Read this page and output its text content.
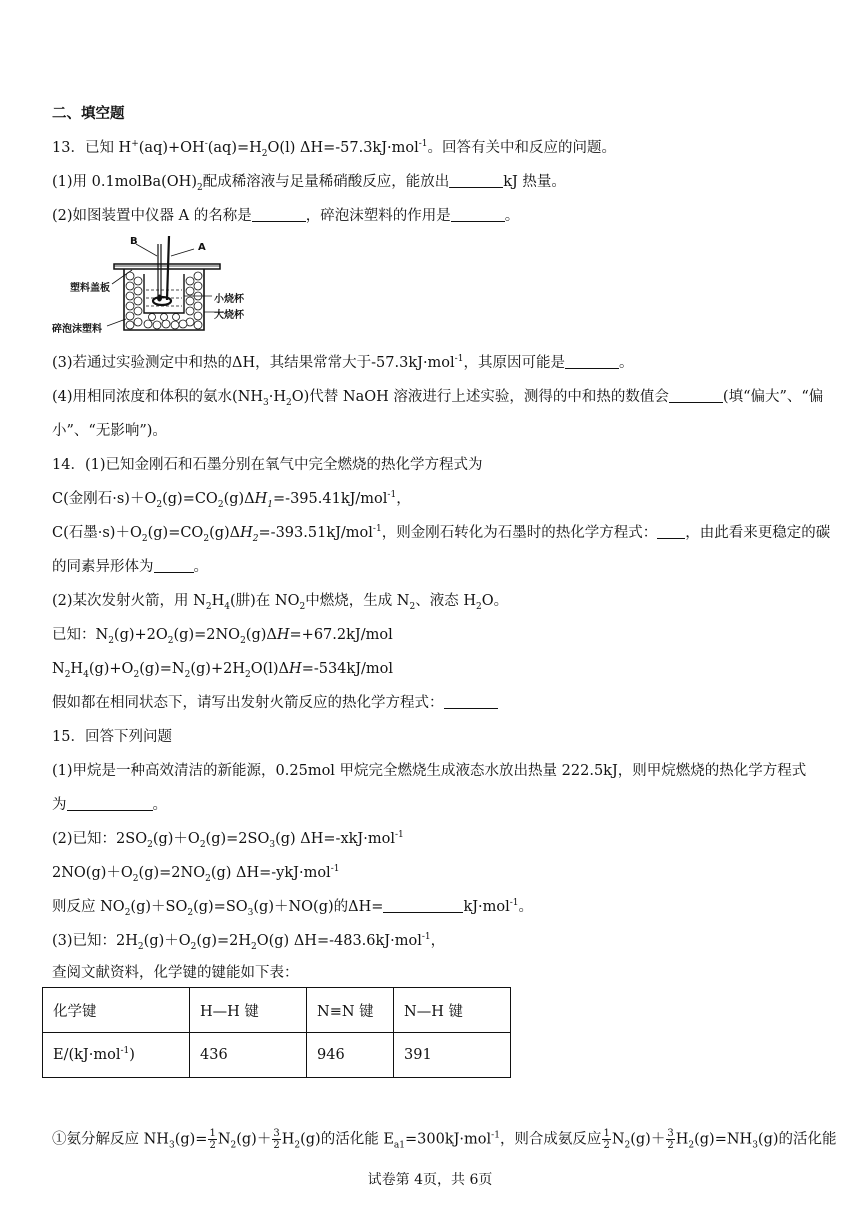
二、填空题
13．已知 $H^+(aq)+OH^-(aq)=H_2O(l)$ ΔH=-57.3kJ·mol$^{-1}$。回答有关中和反应的问题。
(1)用 $0.1molBa(OH)_2$配成稀溶液与足量稀硝酸反应，能放出	kJ 热量。
(2)如图装置中仪器 A 的名称是	，碎泡沫塑料的作用是	。
B
A
塑料盖板
小烧杯
大烧杯
碎泡沫塑料
(3)若通过实验测定中和热的ΔH，其结果常常大于-57.3kJ·mol$^{-1}$，其原因可能是	。
(4)用相同浓度和体积的氨水$(NH_3\cdot H_2O)$代替 NaOH 溶液进行上述实验，测得的中和热的数值会	(填“偏大”、“偏
小”、“无影响”)。
14．(1)已知金刚石和石墨分别在氧气中完全燃烧的热化学方程式为
C(金刚石$\cdot s)+O_2(g)=CO_2(g)\Delta H_1=-395.41kJ/mol^{-1}$，
C(石墨$\cdot s)+O_2(g)=CO_2(g)\Delta H_2=-393.51kJ/mol^{-1}$，则金刚石转化为石墨时的热化学方程式： ，由此看来更稳定的碳
的同素异形体为	。
(2)某次发射火箭，用 $N_2H_4$(肼)在 $NO_2$中燃烧，生成 $N_2$、液态 $H_2O$。
已知：$N_2(g)+2O_2(g)=2NO_2(g)\Delta H=+67.2kJ$/mol
$N_2H_4(g)+O_2(g)=N_2(g)+2H_2O(l)\Delta H=-534kJ$/mol
假如都在相同状态下，请写出发射火箭反应的热化学方程式：
15．回答下列问题
(1)甲烷是一种高效清洁的新能源，0.25mol 甲烷完全燃烧生成液态水放出热量 222.5kJ，则甲烷燃烧的热化学方程式
为	。
(2)已知：$2SO_2(g)+O_2(g)=2SO_3(g)$ ΔH=-xkJ·mol$^{-1}$
$2NO(g)+O_2(g)=2NO_2(g)$ ΔH=-ykJ·mol$^{-1}$
则反应 $NO_2(g)+SO_2(g)=SO_3(g)+NO(g)$的ΔH=	kJ·mol$^{-1}$。
(3)已知：$2H_2(g)+O_2(g)=2H_2O(g)$ ΔH=-483.6kJ·mol$^{-1}$，
查阅文献资料，化学键的键能如下表：
化学键	H—H 键	N≡N 键	N—H 键
E/(kJ·mol$^{-1}$)	436	946	391
①氨分解反应 $NH_3(g)= \frac{1}{2} N_2(g)+ \frac{3}{2} H_2(g)$的活化能 $E_{a1}=300kJ\cdot mol^{-1}$，则合成氨反应 $\frac{1}{2} N_2(g)+ \frac{3}{2} H_2(g)=NH_3(g)$的活化能
试卷第 4页，共 6页
